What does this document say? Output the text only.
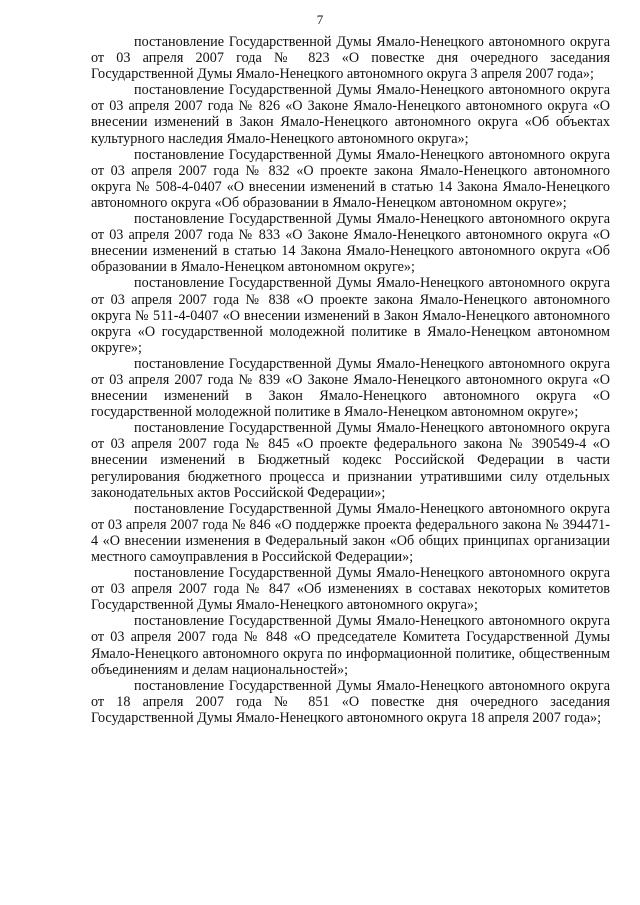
7

постановление Государственной Думы Ямало-Ненецкого автономного округа от 03 апреля 2007 года № 823 «О повестке дня очередного заседания Государственной Думы Ямало-Ненецкого автономного округа 3 апреля 2007 года»;

постановление Государственной Думы Ямало-Ненецкого автономного округа от 03 апреля 2007 года № 826 «О Законе Ямало-Ненецкого автономного округа «О внесении изменений в Закон Ямало-Ненецкого автономного округа «Об объектах культурного наследия Ямало-Ненецкого автономного округа»;

постановление Государственной Думы Ямало-Ненецкого автономного округа от 03 апреля 2007 года № 832 «О проекте закона Ямало-Ненецкого автономного округа № 508-4-0407 «О внесении изменений в статью 14 Закона Ямало-Ненецкого автономного округа «Об образовании в Ямало-Ненецком автономном округе»;

постановление Государственной Думы Ямало-Ненецкого автономного округа от 03 апреля 2007 года № 833 «О Законе Ямало-Ненецкого автономного округа «О внесении изменений в статью 14 Закона Ямало-Ненецкого автономного округа «Об образовании в Ямало-Ненецком автономном округе»;

постановление Государственной Думы Ямало-Ненецкого автономного округа от 03 апреля 2007 года № 838 «О проекте закона Ямало-Ненецкого автономного округа № 511-4-0407 «О внесении изменений в Закон Ямало-Ненецкого автономного округа «О государственной молодежной политике в Ямало-Ненецком автономном округе»;

постановление Государственной Думы Ямало-Ненецкого автономного округа от 03 апреля 2007 года № 839 «О Законе Ямало-Ненецкого автономного округа «О внесении изменений в Закон Ямало-Ненецкого автономного округа «О государственной молодежной политике в Ямало-Ненецком автономном округе»;

постановление Государственной Думы Ямало-Ненецкого автономного округа от 03 апреля 2007 года № 845 «О проекте федерального закона № 390549-4 «О внесении изменений в Бюджетный кодекс Российской Федерации в части регулирования бюджетного процесса и признании утратившими силу отдельных законодательных актов Российской Федерации»;

постановление Государственной Думы Ямало-Ненецкого автономного округа от 03 апреля 2007 года № 846 «О поддержке проекта федерального закона № 394471-4 «О внесении изменения в Федеральный закон «Об общих принципах организации местного самоуправления в Российской Федерации»;

постановление Государственной Думы Ямало-Ненецкого автономного округа от 03 апреля 2007 года № 847 «Об изменениях в составах некоторых комитетов Государственной Думы Ямало-Ненецкого автономного округа»;

постановление Государственной Думы Ямало-Ненецкого автономного округа от 03 апреля 2007 года № 848 «О председателе Комитета Государственной Думы Ямало-Ненецкого автономного округа по информационной политике, общественным объединениям и делам национальностей»;

постановление Государственной Думы Ямало-Ненецкого автономного округа от 18 апреля 2007 года № 851 «О повестке дня очередного заседания Государственной Думы Ямало-Ненецкого автономного округа 18 апреля 2007 года»;
